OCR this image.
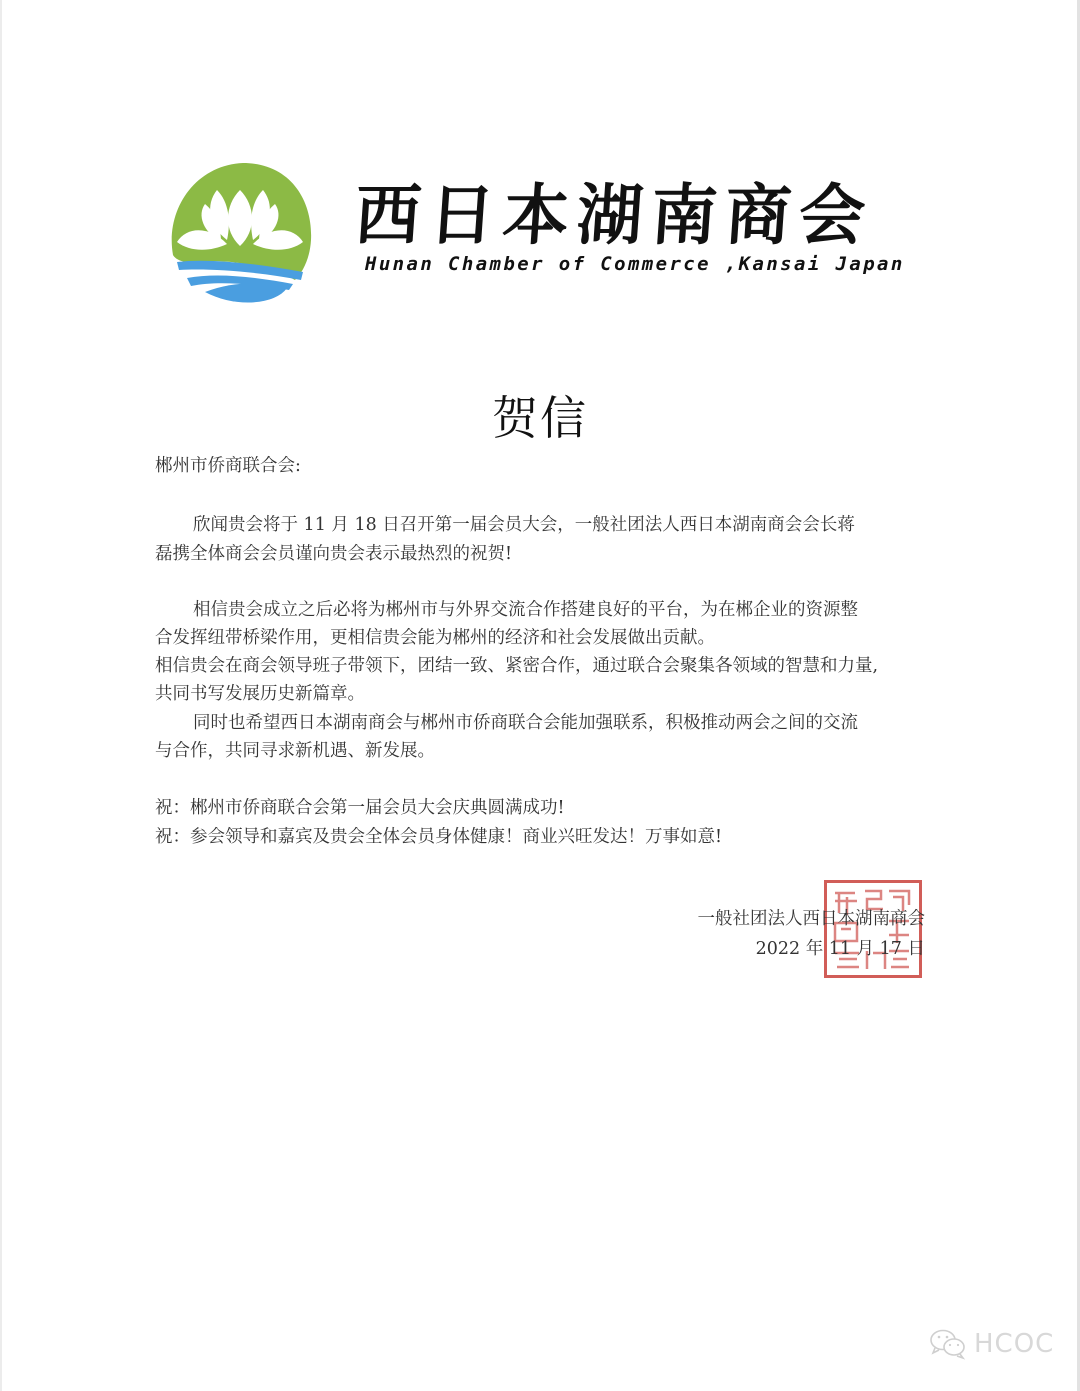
西日本湖南商会
Hunan Chamber of Commerce ,Kansai Japan
贺信
郴州市侨商联合会:
欣闻贵会将于 11 月 18 日召开第一届会员大会，一般社团法人西日本湖南商会会长蒋
磊携全体商会会员谨向贵会表示最热烈的祝贺!
相信贵会成立之后必将为郴州市与外界交流合作搭建良好的平台，为在郴企业的资源整
合发挥纽带桥梁作用，更相信贵会能为郴州的经济和社会发展做出贡献。
相信贵会在商会领导班子带领下，团结一致、紧密合作，通过联合会聚集各领域的智慧和力量,
共同书写发展历史新篇章。
同时也希望西日本湖南商会与郴州市侨商联合会能加强联系，积极推动两会之间的交流
与合作，共同寻求新机遇、新发展。
祝：郴州市侨商联合会第一届会员大会庆典圆满成功!
祝：参会领导和嘉宾及贵会全体会员身体健康！商业兴旺发达！万事如意!
一般社团法人西日本湖南商会
2022 年 11 月 17 日
HCOC
